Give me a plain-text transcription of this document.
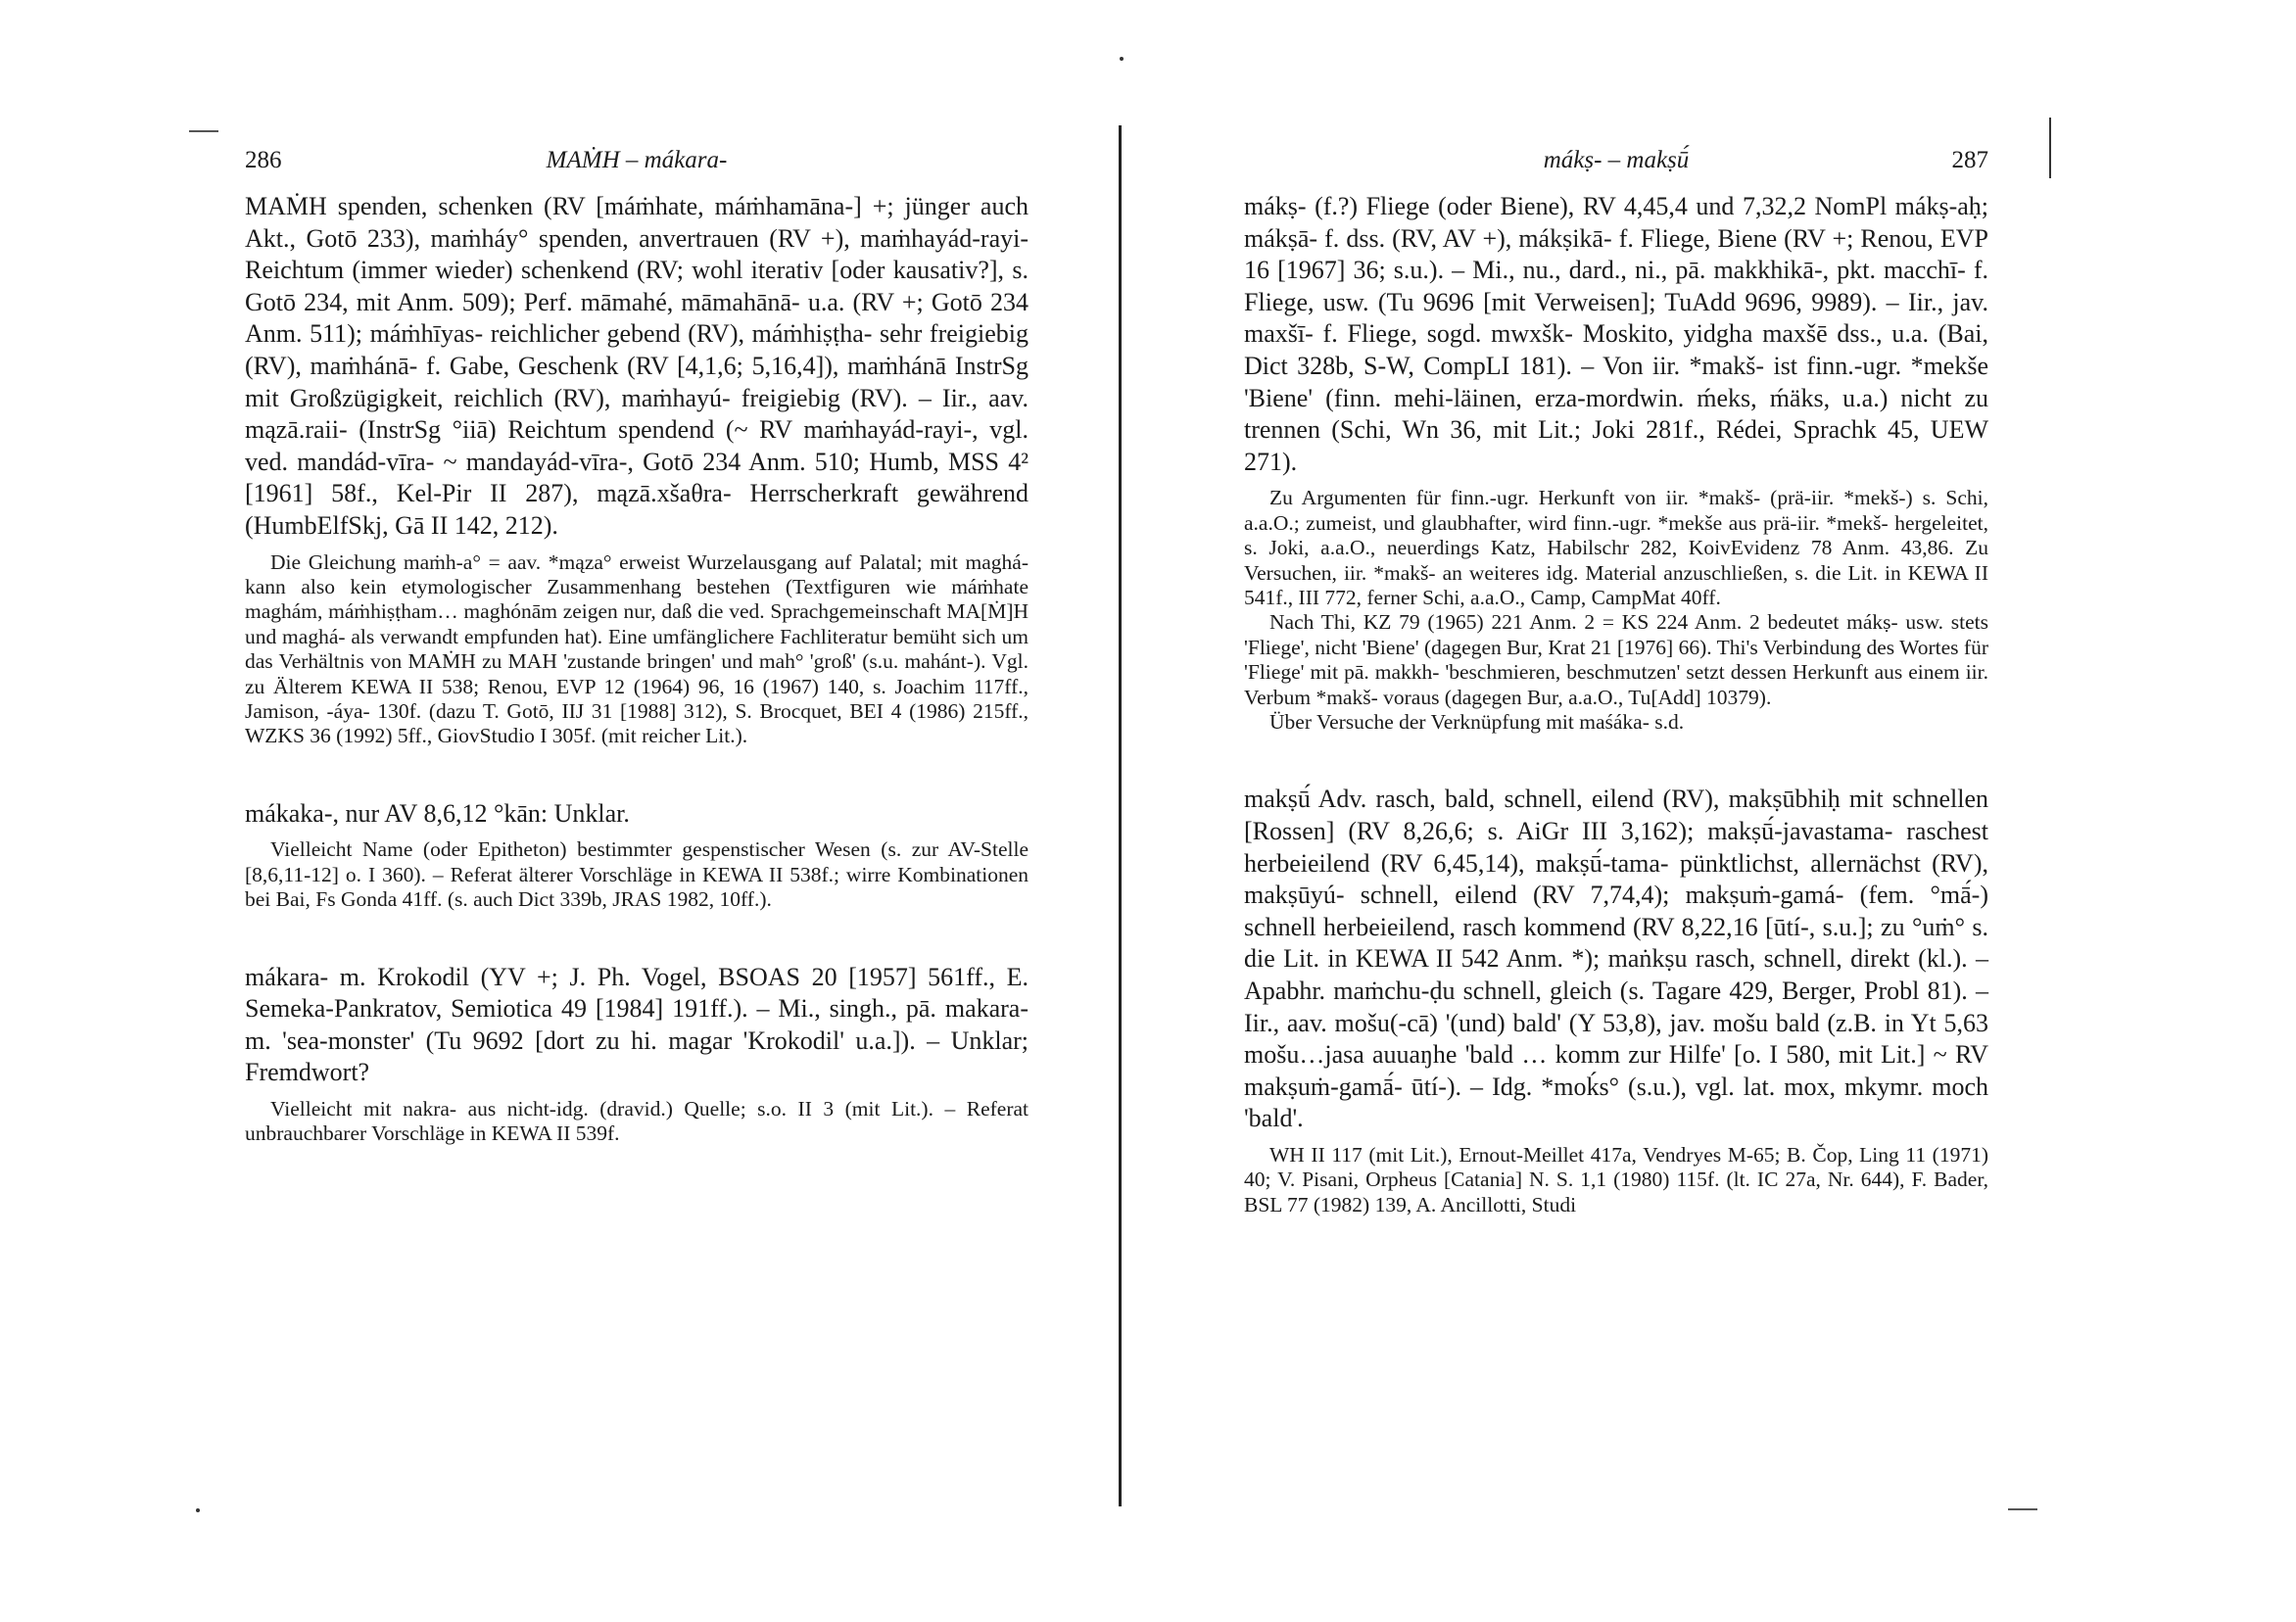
286	MAṀH – mákara-

MAṀH spenden, schenken (RV [máṁhate, máṁhamāna-] +; jünger auch Akt., Gotō 233), maṁháy° spenden, anvertrauen (RV +), maṁhayád-rayi- Reichtum (immer wieder) schenkend (RV; wohl iterativ [oder kausativ?], s. Gotō 234, mit Anm. 509); Perf. māmahé, māmahānā- u.a. (RV +; Gotō 234 Anm. 511); máṁhīyas- reichlicher gebend (RV), máṁhiṣṭha- sehr freigiebig (RV), maṁhánā- f. Gabe, Geschenk (RV [4,1,6; 5,16,4]), maṁhánā InstrSg mit Großzügigkeit, reichlich (RV), maṁhayú- freigiebig (RV). – Iir., aav. mązā.raii- (InstrSg °iiā) Reichtum spendend (~ RV maṁhayád-rayi-, vgl. ved. mandád-vīra- ~ mandayád-vīra-, Gotō 234 Anm. 510; Humb, MSS 4² [1961] 58f., Kel-Pir II 287), mązā.xšaθra- Herrscherkraft gewährend (HumbElfSkj, Gā II 142, 212).

Die Gleichung maṁh-a° = aav. *mąza° erweist Wurzelausgang auf Palatal; mit maghá- kann also kein etymologischer Zusammenhang bestehen (Textfiguren wie máṁhate maghám, máṁhiṣṭham… maghónām zeigen nur, daß die ved. Sprachgemeinschaft MA[Ṁ]H und maghá- als verwandt empfunden hat). Eine umfänglichere Fachliteratur bemüht sich um das Verhältnis von MAṀH zu MAH 'zustande bringen' und mah° 'groß' (s.u. mahánt-). Vgl. zu Älterem KEWA II 538; Renou, EVP 12 (1964) 96, 16 (1967) 140, s. Joachim 117ff., Jamison, -áya- 130f. (dazu T. Gotō, IIJ 31 [1988] 312), S. Brocquet, BEI 4 (1986) 215ff., WZKS 36 (1992) 5ff., GiovStudio I 305f. (mit reicher Lit.).

mákaka-, nur AV 8,6,12 °kān: Unklar.

Vielleicht Name (oder Epitheton) bestimmter gespenstischer Wesen (s. zur AV-Stelle [8,6,11-12] o. I 360). – Referat älterer Vorschläge in KEWA II 538f.; wirre Kombinationen bei Bai, Fs Gonda 41ff. (s. auch Dict 339b, JRAS 1982, 10ff.).

mákara- m. Krokodil (YV +; J. Ph. Vogel, BSOAS 20 [1957] 561ff., E. Semeka-Pankratov, Semiotica 49 [1984] 191ff.). – Mi., singh., pā. makara- m. 'sea-monster' (Tu 9692 [dort zu hi. magar 'Krokodil' u.a.]). – Unklar; Fremdwort?

Vielleicht mit nakra- aus nicht-idg. (dravid.) Quelle; s.o. II 3 (mit Lit.). – Referat unbrauchbarer Vorschläge in KEWA II 539f.

mákṣ- – makṣū́	287

mákṣ- (f.?) Fliege (oder Biene), RV 4,45,4 und 7,32,2 NomPl mákṣ-aḥ; mákṣā- f. dss. (RV, AV +), mákṣikā- f. Fliege, Biene (RV +; Renou, EVP 16 [1967] 36; s.u.). – Mi., nu., dard., ni., pā. makkhikā-, pkt. macchī- f. Fliege, usw. (Tu 9696 [mit Verweisen]; TuAdd 9696, 9989). – Iir., jav. maxšī- f. Fliege, sogd. mwxšk- Moskito, yidgha maxšē dss., u.a. (Bai, Dict 328b, S-W, CompLI 181). – Von iir. *makš- ist finn.-ugr. *mekše 'Biene' (finn. mehi-läinen, erza-mordwin. ḿeks, ḿäks, u.a.) nicht zu trennen (Schi, Wn 36, mit Lit.; Joki 281f., Rédei, Sprachk 45, UEW 271).

Zu Argumenten für finn.-ugr. Herkunft von iir. *makš- (prä-iir. *mekš-) s. Schi, a.a.O.; zumeist, und glaubhafter, wird finn.-ugr. *mekše aus prä-iir. *mekš- hergeleitet, s. Joki, a.a.O., neuerdings Katz, Habilschr 282, KoivEvidenz 78 Anm. 43,86. Zu Versuchen, iir. *makš- an weiteres idg. Material anzuschließen, s. die Lit. in KEWA II 541f., III 772, ferner Schi, a.a.O., Camp, CampMat 40ff.

Nach Thi, KZ 79 (1965) 221 Anm. 2 = KS 224 Anm. 2 bedeutet mákṣ- usw. stets 'Fliege', nicht 'Biene' (dagegen Bur, Krat 21 [1976] 66). Thi's Verbindung des Wortes für 'Fliege' mit pā. makkh- 'beschmieren, beschmutzen' setzt dessen Herkunft aus einem iir. Verbum *makš- voraus (dagegen Bur, a.a.O., Tu[Add] 10379).

Über Versuche der Verknüpfung mit maśáka- s.d.

makṣū́ Adv. rasch, bald, schnell, eilend (RV), makṣūbhiḥ mit schnellen [Rossen] (RV 8,26,6; s. AiGr III 3,162); makṣū́-javastama- raschest herbeieilend (RV 6,45,14), makṣū́-tama- pünktlichst, allernächst (RV), makṣūyú- schnell, eilend (RV 7,74,4); makṣuṁ-gamá- (fem. °mā́-) schnell herbeieilend, rasch kommend (RV 8,22,16 [ūtí-, s.u.]; zu °uṁ° s. die Lit. in KEWA II 542 Anm. *); maṅkṣu rasch, schnell, direkt (kl.). – Apabhr. maṁchu-ḍu schnell, gleich (s. Tagare 429, Berger, Probl 81). – Iir., aav. mošu(-cā) '(und) bald' (Y 53,8), jav. mošu bald (z.B. in Yt 5,63 mošu…jasa auuaŋhe 'bald … komm zur Hilfe' [o. I 580, mit Lit.] ~ RV makṣuṁ-gamā́- ūtí-). – Idg. *moḱs° (s.u.), vgl. lat. mox, mkymr. moch 'bald'.

WH II 117 (mit Lit.), Ernout-Meillet 417a, Vendryes M-65; B. Čop, Ling 11 (1971) 40; V. Pisani, Orpheus [Catania] N. S. 1,1 (1980) 115f. (lt. IC 27a, Nr. 644), F. Bader, BSL 77 (1982) 139, A. Ancillotti, Studi
